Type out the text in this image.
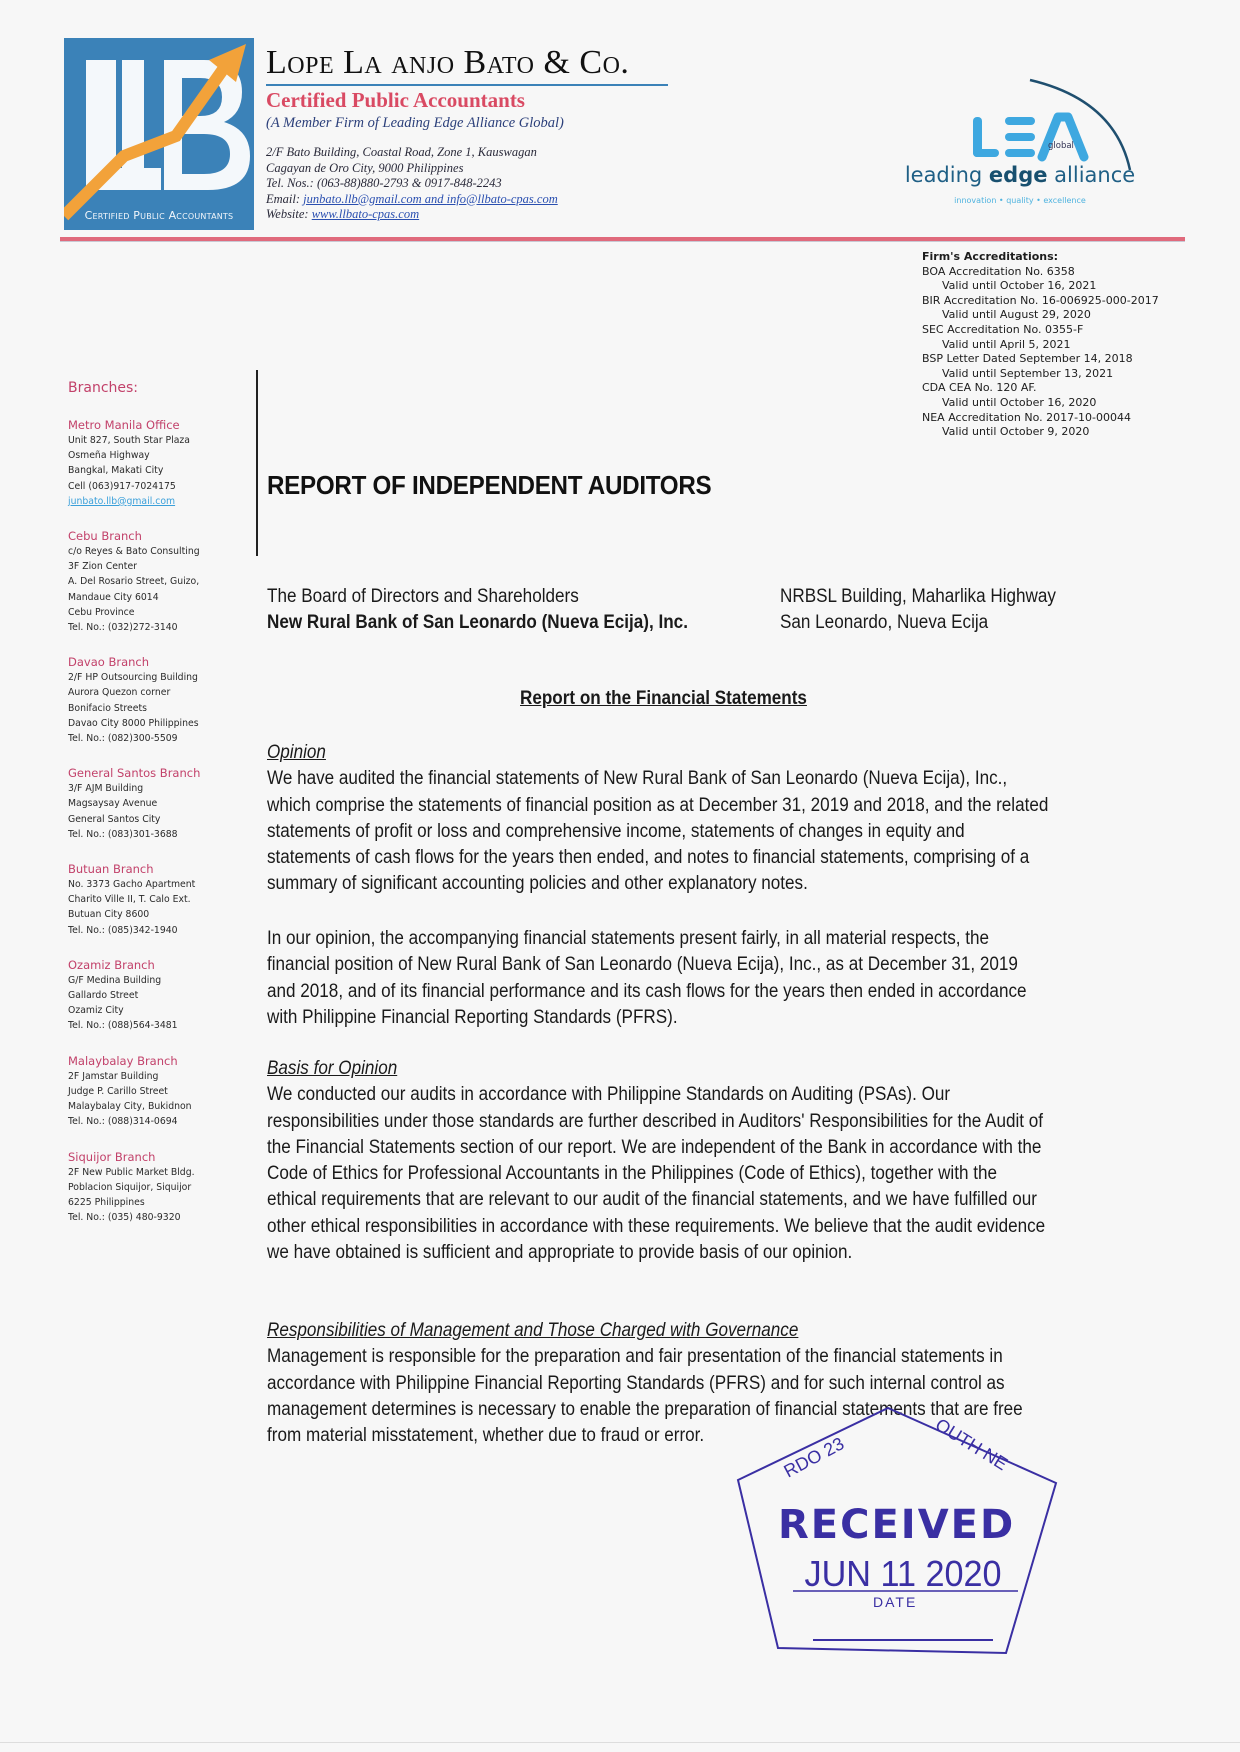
Certified Public Accountants
Lope La anjo Bato & Co.
Certified Public Accountants
(A Member Firm of Leading Edge Alliance Global)
2/F Bato Building, Coastal Road, Zone 1, Kauswagan
Cagayan de Oro City, 9000 Philippines
Tel. Nos.: (063-88)880-2793 & 0917-848-2243
Email: junbato.llb@gmail.com and info@llbato-cpas.com
Website: www.llbato-cpas.com
global
leading edge alliance
innovation • quality • excellence
Firm's Accreditations:
BOA Accreditation No. 6358
Valid until October 16, 2021
BIR Accreditation No. 16-006925-000-2017
Valid until August 29, 2020
SEC Accreditation No. 0355-F
Valid until April 5, 2021
BSP Letter Dated September 14, 2018
Valid until September 13, 2021
CDA CEA No. 120 AF.
Valid until October 16, 2020
NEA Accreditation No. 2017-10-00044
Valid until October 9, 2020
Branches:
Metro Manila Office
Unit 827, South Star Plaza
Osmeña Highway
Bangkal, Makati City
Cell (063)917-7024175
junbato.llb@gmail.com
Cebu Branch
c/o Reyes & Bato Consulting
3F Zion Center
A. Del Rosario Street, Guizo,
Mandaue City 6014
Cebu Province
Tel. No.: (032)272-3140
Davao Branch
2/F HP Outsourcing Building
Aurora Quezon corner
Bonifacio Streets
Davao City 8000 Philippines
Tel. No.: (082)300-5509
General Santos Branch
3/F AJM Building
Magsaysay Avenue
General Santos City
Tel. No.: (083)301-3688
Butuan Branch
No. 3373 Gacho Apartment
Charito Ville II, T. Calo Ext.
Butuan City 8600
Tel. No.: (085)342-1940
Ozamiz Branch
G/F Medina Building
Gallardo Street
Ozamiz City
Tel. No.: (088)564-3481
Malaybalay Branch
2F Jamstar Building
Judge P. Carillo Street
Malaybalay City, Bukidnon
Tel. No.: (088)314-0694
Siquijor Branch
2F New Public Market Bldg.
Poblacion Siquijor, Siquijor
6225 Philippines
Tel. No.: (035) 480-9320
REPORT OF INDEPENDENT AUDITORS
The Board of Directors and Shareholders
New Rural Bank of San Leonardo (Nueva Ecija), Inc.
NRBSL Building, Maharlika Highway
San Leonardo, Nueva Ecija
Report on the Financial Statements
Opinion

We have audited the financial statements of New Rural Bank of San Leonardo (Nueva Ecija), Inc., which comprise the statements of financial position as at December 31, 2019 and 2018, and the related statements of profit or loss and comprehensive income, statements of changes in equity and statements of cash flows for the years then ended, and notes to financial statements, comprising of a summary of significant accounting policies and other explanatory notes.

In our opinion, the accompanying financial statements present fairly, in all material respects, the financial position of New Rural Bank of San Leonardo (Nueva Ecija), Inc., as at December 31, 2019 and 2018, and of its financial performance and its cash flows for the years then ended in accordance with Philippine Financial Reporting Standards (PFRS).

Basis for Opinion

We conducted our audits in accordance with Philippine Standards on Auditing (PSAs). Our responsibilities under those standards are further described in Auditors' Responsibilities for the Audit of the Financial Statements section of our report. We are independent of the Bank in accordance with the Code of Ethics for Professional Accountants in the Philippines (Code of Ethics), together with the ethical requirements that are relevant to our audit of the financial statements, and we have fulfilled our other ethical responsibilities in accordance with these requirements. We believe that the audit evidence we have obtained is sufficient and appropriate to provide basis of our opinion.

Responsibilities of Management and Those Charged with Governance

Management is responsible for the preparation and fair presentation of the financial statements in accordance with Philippine Financial Reporting Standards (PFRS) and for such internal control as management determines is necessary to enable the preparation of financial statements that are free from material misstatement, whether due to fraud or error.	RDO 23	OUTH NE
RECEIVED
JUN 11 2020
DATE
